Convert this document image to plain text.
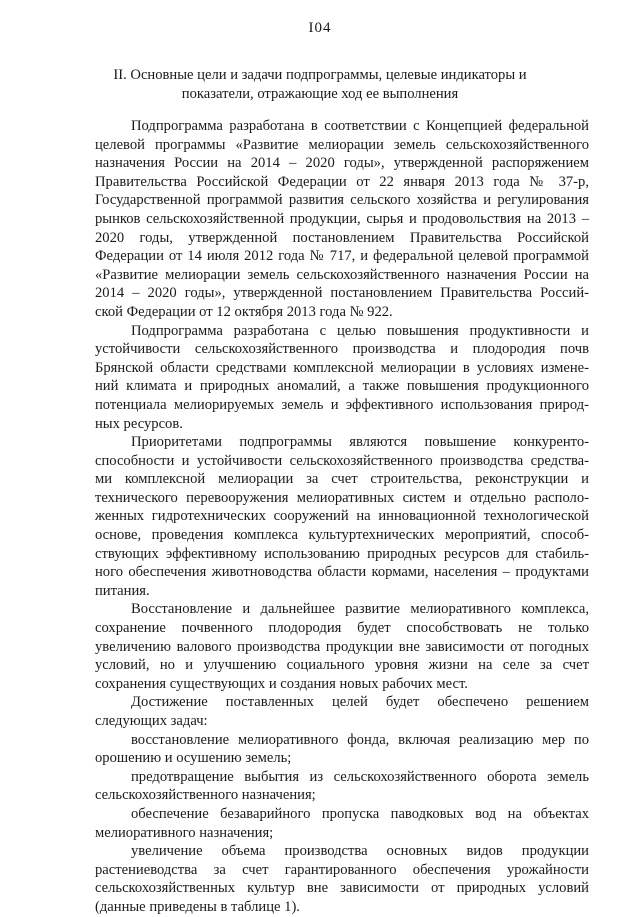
I04
II. Основные цели и задачи подпрограммы, целевые индикаторы и
показатели, отражающие ход ее выполнения
Подпрограмма разработана в соответствии с Концепцией федеральной
целевой программы «Развитие мелиорации земель сельскохозяйственного
назначения России на 2014 – 2020 годы», утвержденной распоряжением
Правительства Российской Федерации от 22 января 2013 года № 37-р,
Государственной программой развития сельского хозяйства и регулирования
рынков сельскохозяйственной продукции, сырья и продовольствия на 2013 –
2020 годы, утвержденной постановлением Правительства Российской
Федерации от 14 июля 2012 года № 717, и федеральной целевой программой
«Развитие мелиорации земель сельскохозяйственного назначения России на
2014 – 2020 годы», утвержденной постановлением Правительства Россий-
ской Федерации от 12 октября 2013 года № 922.
Подпрограмма разработана с целью повышения продуктивности и
устойчивости сельскохозяйственного производства и плодородия почв
Брянской области средствами комплексной мелиорации в условиях измене-
ний климата и природных аномалий, а также повышения продукционного
потенциала мелиорируемых земель и эффективного использования природ-
ных ресурсов.
Приоритетами подпрограммы являются повышение конкуренто-
способности и устойчивости сельскохозяйственного производства средства-
ми комплексной мелиорации за счет строительства, реконструкции и
технического перевооружения мелиоративных систем и отдельно располо-
женных гидротехнических сооружений на инновационной технологической
основе, проведения комплекса культуртехнических мероприятий, способ-
ствующих эффективному использованию природных ресурсов для стабиль-
ного обеспечения животноводства области кормами, населения – продуктами
питания.
Восстановление и дальнейшее развитие мелиоративного комплекса,
сохранение почвенного плодородия будет способствовать не только
увеличению валового производства продукции вне зависимости от погодных
условий, но и улучшению социального уровня жизни на селе за счет
сохранения существующих и создания новых рабочих мест.
Достижение поставленных целей будет обеспечено решением
следующих задач:
восстановление мелиоративного фонда, включая реализацию мер по
орошению и осушению земель;
предотвращение выбытия из сельскохозяйственного оборота земель
сельскохозяйственного назначения;
обеспечение безаварийного пропуска паводковых вод на объектах
мелиоративного назначения;
увеличение объема производства основных видов продукции
растениеводства за счет гарантированного обеспечения урожайности
сельскохозяйственных культур вне зависимости от природных условий
(данные приведены в таблице 1).
